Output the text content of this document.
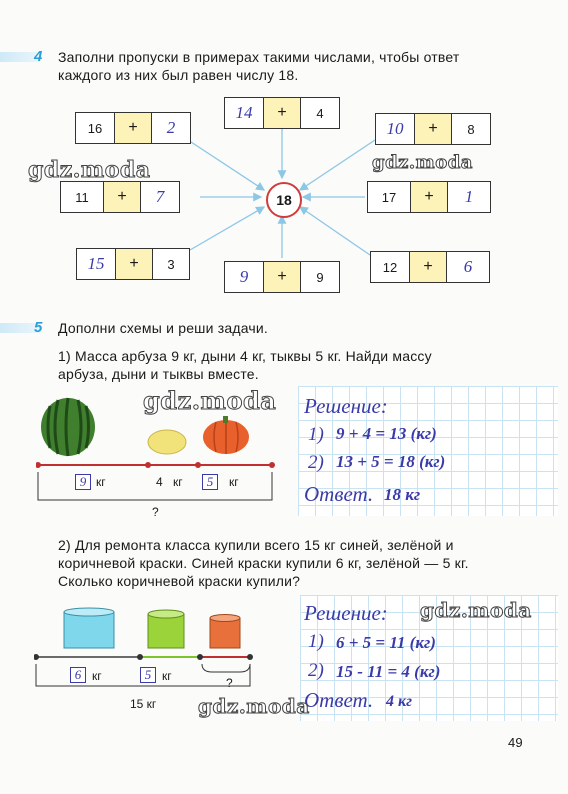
4 Заполни пропуски в примерах такими числами, чтобы ответ
каждого из них был равен числу 18.
18
16	+	2
14	+	4
10	+	8
11	+	7	17	+	1
15	+	3
9	+	9
12	+	6
gdz.moda	gdz.moda
5 Дополни схемы и реши задачи.
1) Масса арбуза 9 кг, дыни 4 кг, тыквы 5 кг. Найди массу
арбуза, дыни и тыквы вместе.
gdz.moda
9 кг	4 кг	5	кг
?
Решение:
1) 9 + 4 = 13 (кг)
2) 13 + 5 = 18 (кг)
Ответ. 18 кг
2) Для ремонта класса купили всего 15 кг синей, зелёной и
коричневой краски. Синей краски купили 6 кг, зелёной — 5 кг.
Сколько коричневой краски купили?
6 кг	5 кг	?
15 кг
Решение:
1) 6 + 5 = 11 (кг)
2) 15 - 11 = 4 (кг)
Ответ. 4 кг
gdz.moda
gdz.moda
49
